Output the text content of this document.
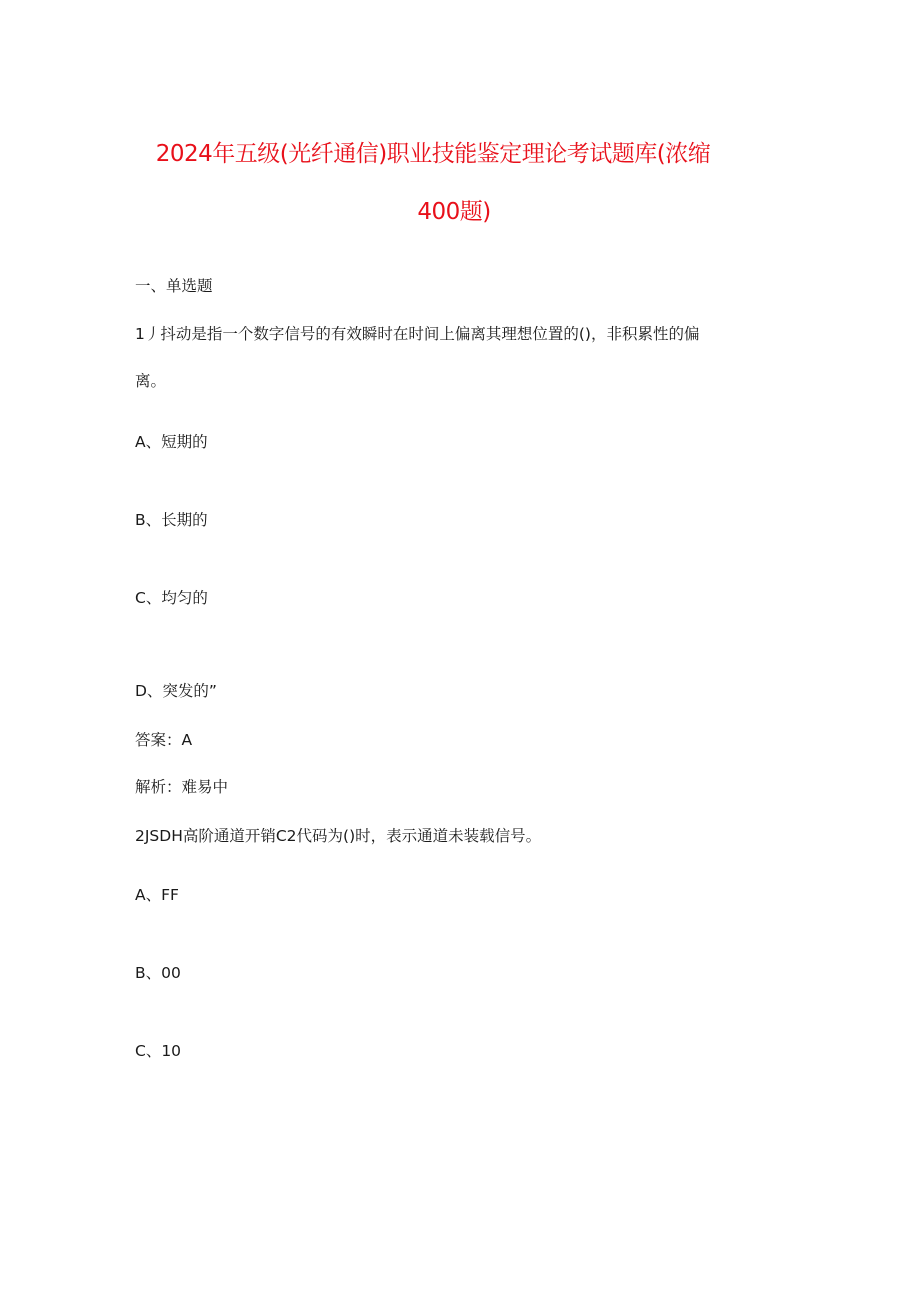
2024年五级(光纤通信)职业技能鉴定理论考试题库(浓缩
400题)
一、单选题
1丿抖动是指一个数字信号的有效瞬时在时间上偏离其理想位置的()，非积累性的偏
离。
A、短期的
B、长期的
C、均匀的
D、突发的”
答案：A
解析：难易中
2JSDH高阶通道开销C2代码为()时，表示通道未装载信号。
A、FF
B、00
C、10
